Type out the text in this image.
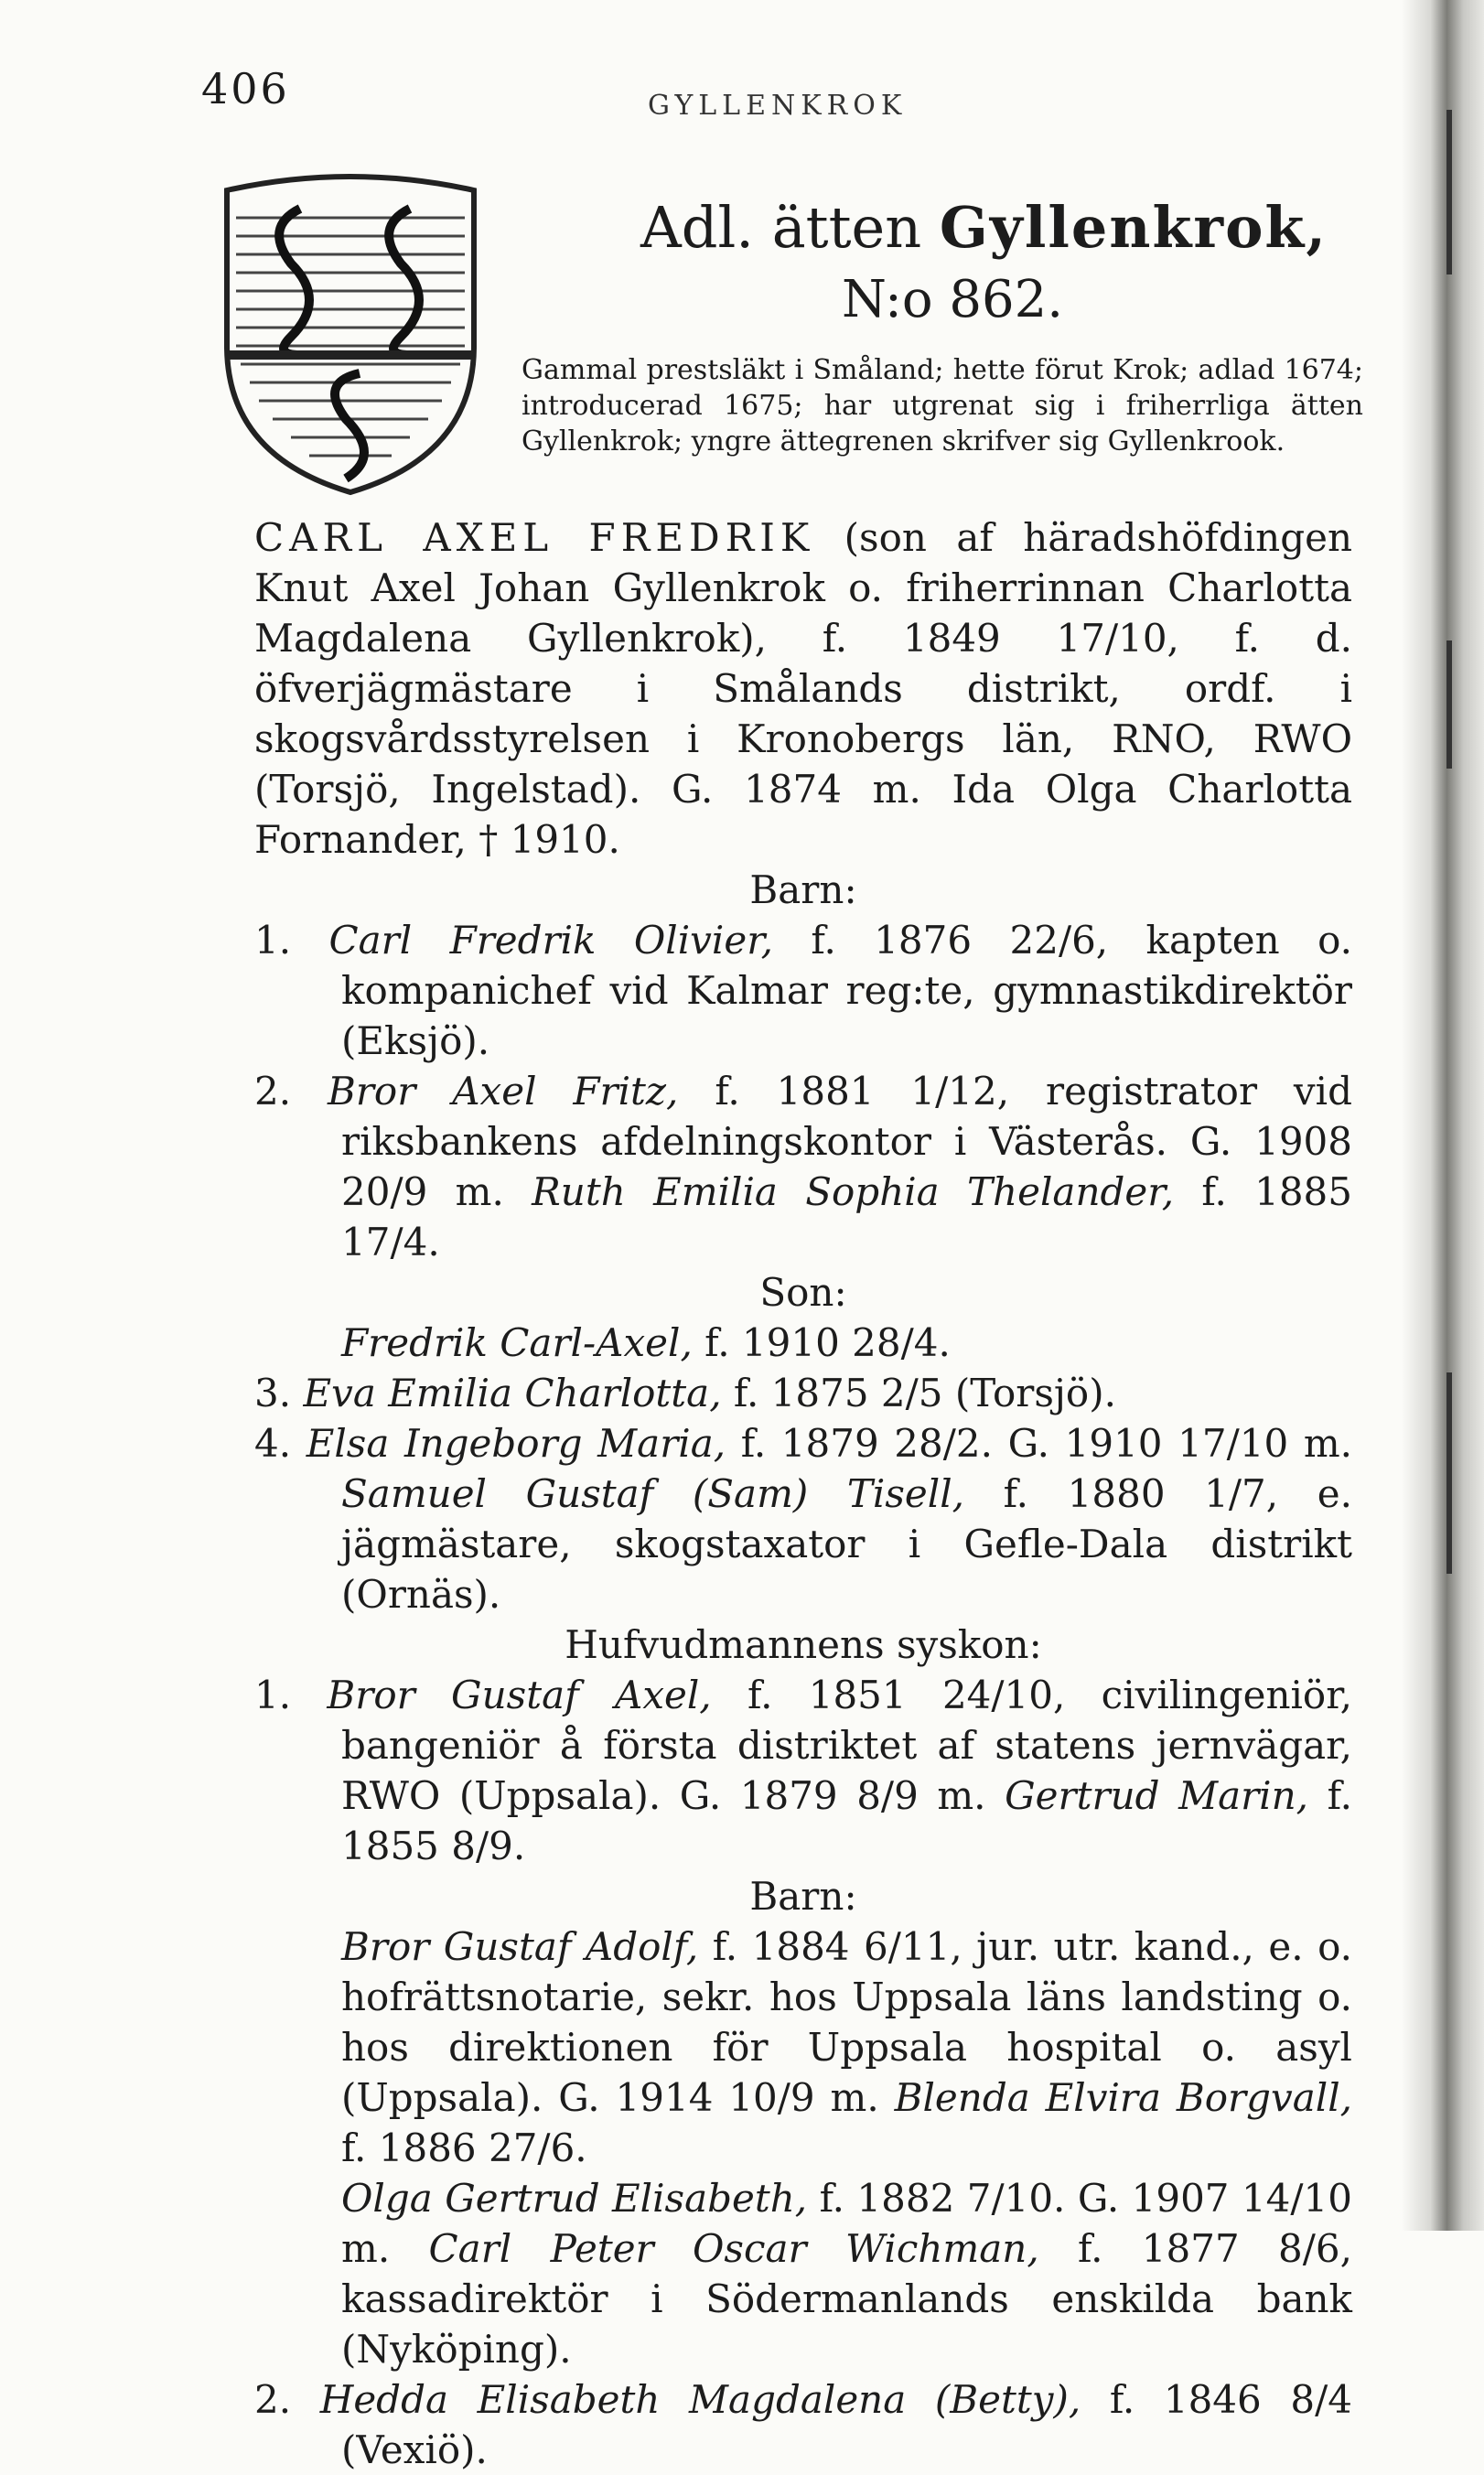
406	GYLLENKROK
Adl. ätten Gyllenkrok,
N:o 862.
Gammal prestsläkt i Småland; hette förut Krok; adlad 1674; introducerad 1675; har utgrenat sig i friherrliga ätten Gyllenkrok; yngre ättegrenen skrifver sig Gyllenkrook.

CARL AXEL FREDRIK (son af häradshöfdingen Knut Axel Johan Gyllenkrok o. friherrinnan Charlotta Magdalena Gyllenkrok), f. 1849 17/10, f. d. öfverjägmästare i Smålands distrikt, ordf. i skogsvårdsstyrelsen i Kronobergs län, RNO, RWO (Torsjö, Ingelstad). G. 1874 m. Ida Olga Charlotta Fornander, † 1910.

Barn:

1. Carl Fredrik Olivier, f. 1876 22/6, kapten o. kompanichef vid Kalmar reg:te, gymnastikdirektör (Eksjö).

2. Bror Axel Fritz, f. 1881 1/12, registrator vid riksbankens afdelningskontor i Västerås. G. 1908 20/9 m. Ruth Emilia Sophia Thelander, f. 1885 17/4.

Son:

Fredrik Carl-Axel, f. 1910 28/4.

3. Eva Emilia Charlotta, f. 1875 2/5 (Torsjö).

4. Elsa Ingeborg Maria, f. 1879 28/2. G. 1910 17/10 m. Samuel Gustaf (Sam) Tisell, f. 1880 1/7, e. jägmästare, skogstaxator i Gefle-Dala distrikt (Ornäs).

Hufvudmannens syskon:

1. Bror Gustaf Axel, f. 1851 24/10, civilingeniör, bangeniör å första distriktet af statens jernvägar, RWO (Uppsala). G. 1879 8/9 m. Gertrud Marin, f. 1855 8/9.

Barn:

Bror Gustaf Adolf, f. 1884 6/11, jur. utr. kand., e. o. hofrättsnotarie, sekr. hos Uppsala läns landsting o. hos direktionen för Uppsala hospital o. asyl (Uppsala). G. 1914 10/9 m. Blenda Elvira Borgvall, f. 1886 27/6.

Olga Gertrud Elisabeth, f. 1882 7/10. G. 1907 14/10 m. Carl Peter Oscar Wichman, f. 1877 8/6, kassadirektör i Södermanlands enskilda bank (Nyköping).

2. Hedda Elisabeth Magdalena (Betty), f. 1846 8/4 (Vexiö).
